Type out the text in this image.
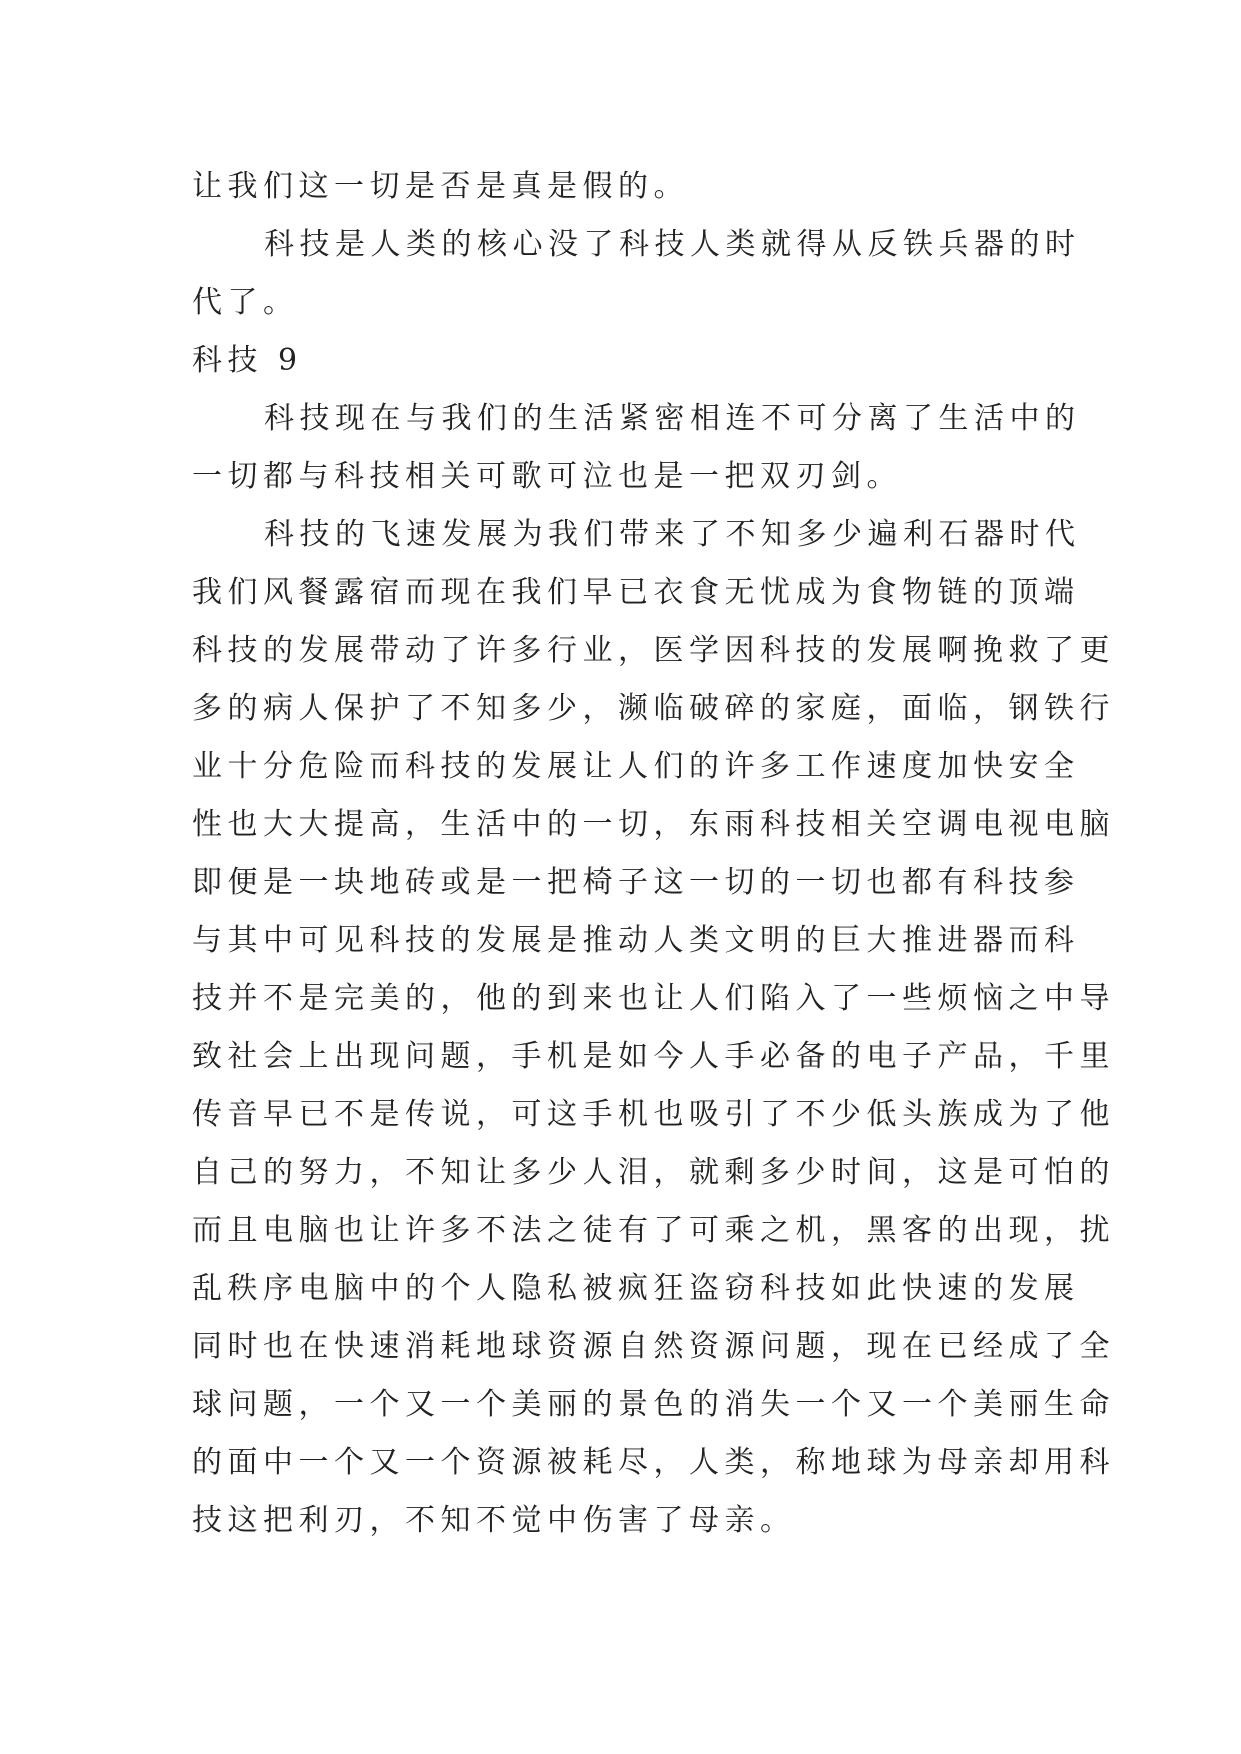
让我们这一切是否是真是假的。
科技是人类的核心没了科技人类就得从反铁兵器的时
代了。
科技 9
科技现在与我们的生活紧密相连不可分离了生活中的
一切都与科技相关可歌可泣也是一把双刃剑。
科技的飞速发展为我们带来了不知多少遍利石器时代
我们风餐露宿而现在我们早已衣食无忧成为食物链的顶端
科技的发展带动了许多行业，医学因科技的发展啊挽救了更
多的病人保护了不知多少，濒临破碎的家庭，面临，钢铁行
业十分危险而科技的发展让人们的许多工作速度加快安全
性也大大提高，生活中的一切，东雨科技相关空调电视电脑
即便是一块地砖或是一把椅子这一切的一切也都有科技参
与其中可见科技的发展是推动人类文明的巨大推进器而科
技并不是完美的，他的到来也让人们陷入了一些烦恼之中导
致社会上出现问题，手机是如今人手必备的电子产品，千里
传音早已不是传说，可这手机也吸引了不少低头族成为了他
自己的努力，不知让多少人泪，就剩多少时间，这是可怕的
而且电脑也让许多不法之徒有了可乘之机，黑客的出现，扰
乱秩序电脑中的个人隐私被疯狂盗窃科技如此快速的发展
同时也在快速消耗地球资源自然资源问题，现在已经成了全
球问题，一个又一个美丽的景色的消失一个又一个美丽生命
的面中一个又一个资源被耗尽，人类，称地球为母亲却用科
技这把利刃，不知不觉中伤害了母亲。
